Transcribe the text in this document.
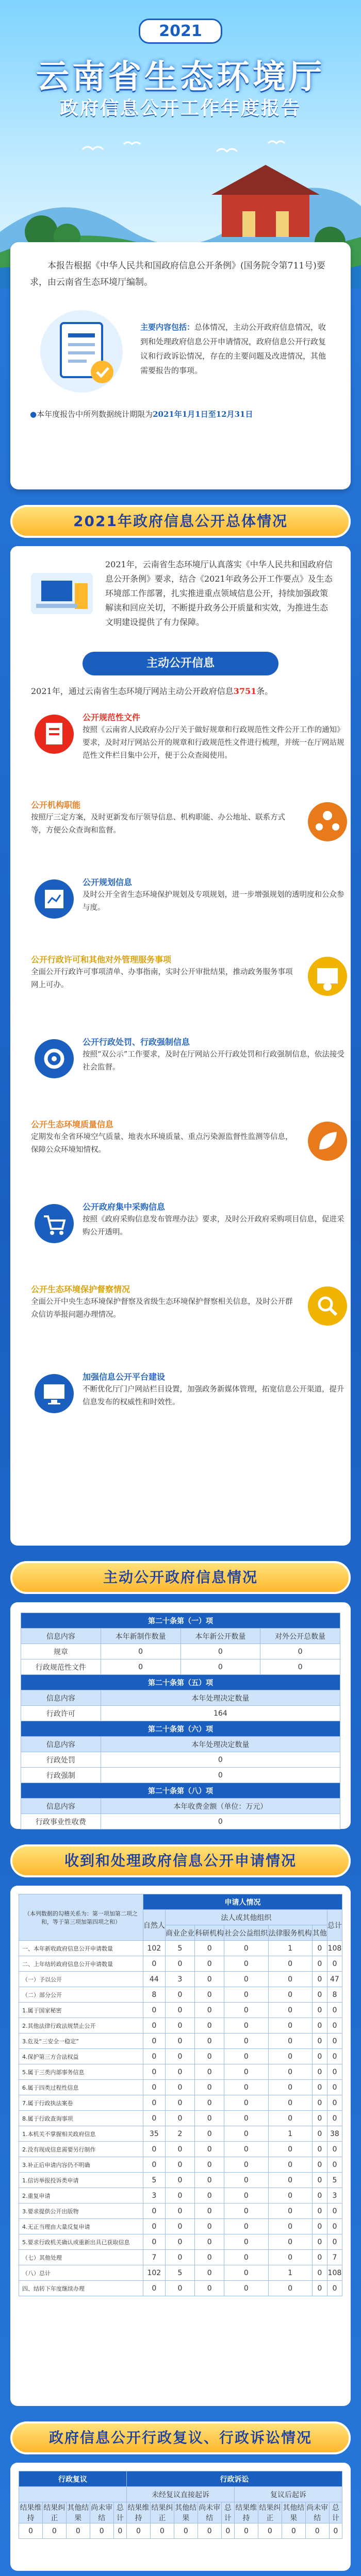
2021
云南省生态环境厅
政府信息公开工作年度报告

本报告根据《中华人民共和国政府信息公开条例》(国务院令第711号)要求，由云南省生态环境厅编制。

主要内容包括：总体情况，主动公开政府信息情况，收到和处理政府信息公开申请情况，政府信息公开行政复议和行政诉讼情况，存在的主要问题及改进情况，其他需要报告的事项。
●本年度报告中所列数据统计期限为2021年1月1日至12月31日
2021年政府信息公开总体情况
2021年，云南省生态环境厅认真落实《中华人民共和国政府信息公开条例》要求，结合《2021年政务公开工作要点》及生态环境部工作部署，扎实推进重点领域信息公开，持续加强政策解读和回应关切，不断提升政务公开质量和实效，为推进生态文明建设提供了有力保障。
主动公开信息
2021年，通过云南省生态环境厅网站主动公开政府信息3751条。
公开规范性文件
按照《云南省人民政府办公厅关于做好规章和行政规范性文件公开工作的通知》要求，及时对厅网站公开的规章和行政规范性文件进行梳理，并统一在厅网站规范性文件栏目集中公开，便于公众查阅使用。
公开机构职能
按照厅三定方案，及时更新发布厅领导信息、机构职能、办公地址、联系方式等，方便公众查询和监督。
公开规划信息
及时公开全省生态环境保护规划及专项规划，进一步增强规划的透明度和公众参与度。
公开行政许可和其他对外管理服务事项
全面公开行政许可事项清单、办事指南，实时公开审批结果，推动政务服务事项网上可办。
公开行政处罚、行政强制信息
按照“双公示”工作要求，及时在厅网站公开行政处罚和行政强制信息，依法接受社会监督。
公开生态环境质量信息
定期发布全省环境空气质量、地表水环境质量、重点污染源监督性监测等信息，保障公众环境知情权。
公开政府集中采购信息
按照《政府采购信息发布管理办法》要求，及时公开政府采购项目信息，促进采购公开透明。
公开生态环境保护督察情况
全面公开中央生态环境保护督察及省级生态环境保护督察相关信息，及时公开群众信访举报问题办理情况。
加强信息公开平台建设
不断优化厅门户网站栏目设置，加强政务新媒体管理，拓宽信息公开渠道，提升信息发布的权威性和时效性。
主动公开政府信息情况
第二十条第（一）项			
信息内容	本年新制作数量	本年新公开数量	对外公开总数量
规章	0	0	0
行政规范性文件	0	0	0
第二十条第（五）项			
信息内容	本年处理决定数量		
行政许可	164		
第二十条第（六）项			
信息内容	本年处理决定数量		
行政处罚	0		
行政强制	0		
第二十条第（八）项			
信息内容	本年收费金额（单位：万元）		
行政事业性收费	0		
收到和处理政府信息公开申请情况
（本列数据的勾稽关系为：第一项加第二项之和，等于第三项加第四项之和）	申请人情况						
	自然人	法人或其他组织					总计
		商业企业	科研机构	社会公益组织	法律服务机构	其他	
一、本年新收政府信息公开申请数量	102	5	0	0	1	0	108
二、上年结转政府信息公开申请数量	0	0	0	0	0	0	0
（一）予以公开	44	3	0	0	0	0	47
（二）部分公开	8	0	0	0	0	0	8
1.属于国家秘密	0	0	0	0	0	0	0
2.其他法律行政法规禁止公开	0	0	0	0	0	0	0
3.危及“三安全一稳定”	0	0	0	0	0	0	0
4.保护第三方合法权益	0	0	0	0	0	0	0
5.属于三类内部事务信息	0	0	0	0	0	0	0
6.属于四类过程性信息	0	0	0	0	0	0	0
7.属于行政执法案卷	0	0	0	0	0	0	0
8.属于行政查询事项	0	0	0	0	0	0	0
1.本机关不掌握相关政府信息	35	2	0	0	1	0	38
2.没有现成信息需要另行制作	0	0	0	0	0	0	0
3.补正后申请内容仍不明确	0	0	0	0	0	0	0
1.信访举报投诉类申请	5	0	0	0	0	0	5
2.重复申请	3	0	0	0	0	0	3
3.要求提供公开出版物	0	0	0	0	0	0	0
4.无正当理由大量反复申请	0	0	0	0	0	0	0
5.要求行政机关确认或重新出具已获取信息	0	0	0	0	0	0	0
（七）其他处理	7	0	0	0	0	0	7
（八）总计	102	5	0	0	1	0	108
四、结转下年度继续办理	0	0	0	0	0	0	0
政府信息公开行政复议、行政诉讼情况
行政复议					行政诉讼									
					未经复议直接起诉					复议后起诉				
结果维持	结果纠正	其他结果	尚未审结	总计	结果维持	结果纠正	其他结果	尚未审结	总计	结果维持	结果纠正	其他结果	尚未审结	总计
0	0	0	0	0	0	0	0	0	0	0	0	0	0	0
